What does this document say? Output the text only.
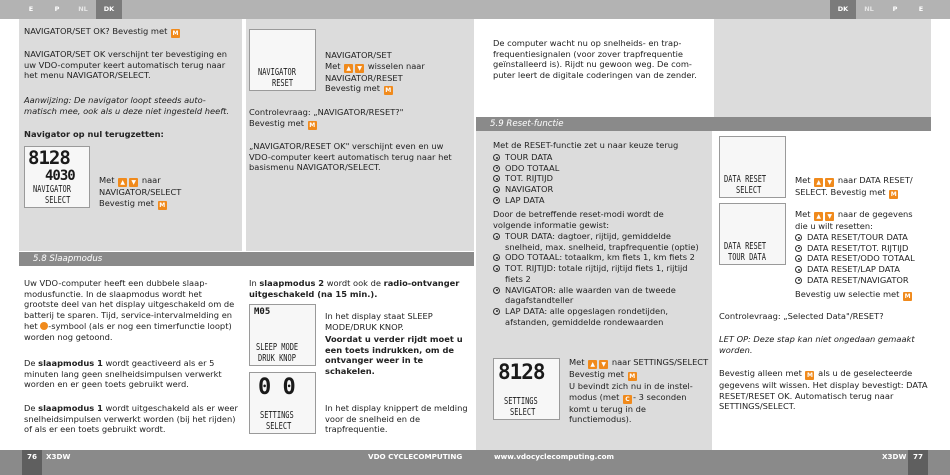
E	P	NL	DK	DK	NL	P	E
5.8 Slaapmodus
NAVIGATOR/SET OK? Bevestig met M
NAVIGATOR/SET OK verschijnt ter bevestiging en uw VDO-computer keert automatisch terug naar het menu NAVIGATOR/SELECT.
Aanwijzing: De navigator loopt steeds auto-matisch mee, ook als u deze niet ingesteld heeft.
Navigator op nul terugzetten:
8128
4030
NAVIGATOR
SELECT
Met ▲ ▼ naar
NAVIGATOR/SELECT
Bevestig met M
NAVIGATOR
RESET
NAVIGATOR/SET
Met ▲ ▼ wisselen naar
NAVIGATOR/RESET
Bevestig met M
Controlevraag: „NAVIGATOR/RESET?"
Bevestig met M
„NAVIGATOR/RESET OK" verschijnt even en uw VDO-computer keert automatisch terug naar het basismenu NAVIGATOR/SELECT.
Uw VDO-computer heeft een dubbele slaap-modusfunctie. In de slaapmodus wordt het grootste deel van het display uitgeschakeld om de batterij te sparen. Tijd, service-intervalmelding en het -symbool (als er nog een timerfunctie loopt) worden nog getoond.
De slaapmodus 1 wordt geactiveerd als er 5 minuten lang geen snelheidsimpulsen verwerkt worden en er geen toets gebruikt werd.
De slaapmodus 1 wordt uitgeschakeld als er weer snelheidsimpulsen verwerkt worden (bij het rijden) of als er een toets gebruikt wordt.
In slaapmodus 2 wordt ook de radio-ontvanger uitgeschakeld (na 15 min.).
M05
SLEEP MODE
DRUK KNOP
In het display staat SLEEP MODE/DRUK KNOP.
Voordat u verder rijdt moet u een toets indrukken, om de ontvanger weer in te schakelen.
0 0
SETTINGS
SELECT
In het display knippert de melding voor de snelheid en de trapfrequentie.
5.9 Reset-functie
De computer wacht nu op snelheids- en trap-frequentiesignalen (voor zover trapfrequentie geïnstalleerd is). Rijdt nu gewoon weg. De com-puter leert de digitale coderingen van de zender.
Met de RESET-functie zet u naar keuze terug
TOUR DATA
ODO TOTAAL
TOT. RIJTIJD
NAVIGATOR
LAP DATA
Door de betreffende reset-modi wordt de volgende informatie gewist:
TOUR DATA: dagtoer, rijtijd, gemiddelde snelheid, max. snelheid, trapfrequentie (optie)
ODO TOTAAL: totaalkm, km fiets 1, km fiets 2
TOT. RIJTIJD: totale rijtijd, rijtijd fiets 1, rijtijd fiets 2
NAVIGATOR: alle waarden van de tweede dagafstandteller
LAP DATA: alle opgeslagen rondetijden, afstanden, gemiddelde rondewaarden
8128
SETTINGS
SELECT
Met ▲ ▼ naar SETTINGS/SELECT
Bevestig met M
U bevindt zich nu in de instel-modus (met C - 3 seconden komt u terug in de functiemodus).
DATA RESET
SELECT
Met ▲ ▼ naar DATA RESET/ SELECT. Bevestig met M
DATA RESET
TOUR DATA
Met ▲ ▼ naar de gegevens die u wilt resetten:
DATA RESET/TOUR DATA
DATA RESET/TOT. RIJTIJD
DATA RESET/ODO TOTAAL
DATA RESET/LAP DATA
DATA RESET/NAVIGATOR
Bevestig uw selectie met M
Controlevraag: „Selected Data"/RESET?
LET OP: Deze stap kan niet ongedaan gemaakt worden.
Bevestig alleen met M als u de geselecteerde gegevens wilt wissen. Het display bevestigt: DATA RESET/RESET OK. Automatisch terug naar SETTINGS/SELECT.
76	X3DW	VDO CYCLECOMPUTING	www.vdocyclecomputing.com	X3DW 77
